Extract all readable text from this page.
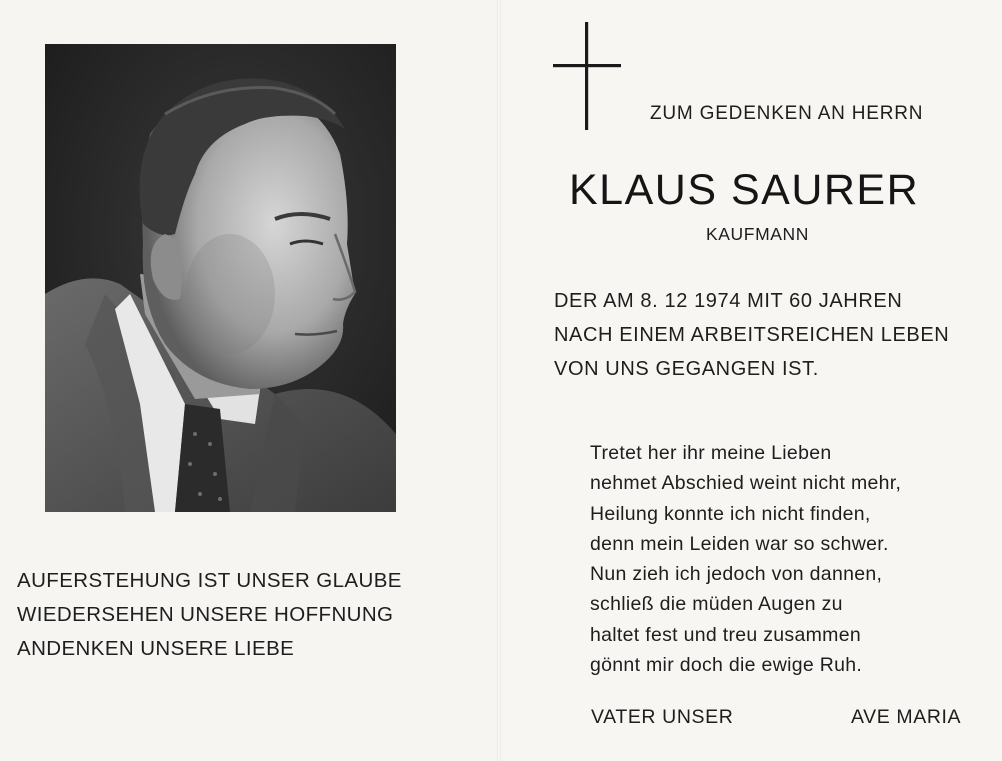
AUFERSTEHUNG IST UNSER GLAUBE
WIEDERSEHEN UNSERE HOFFNUNG
ANDENKEN UNSERE LIEBE
ZUM GEDENKEN AN HERRN
KLAUS SAURER
KAUFMANN
DER AM 8. 12 1974 MIT 60 JAHREN
NACH EINEM ARBEITSREICHEN LEBEN
VON UNS GEGANGEN IST.
Tretet her ihr meine Lieben
nehmet Abschied weint nicht mehr,
Heilung konnte ich nicht finden,
denn mein Leiden war so schwer.
Nun zieh ich jedoch von dannen,
schließ die müden Augen zu
haltet fest und treu zusammen
gönnt mir doch die ewige Ruh.
VATER UNSER	AVE MARIA
